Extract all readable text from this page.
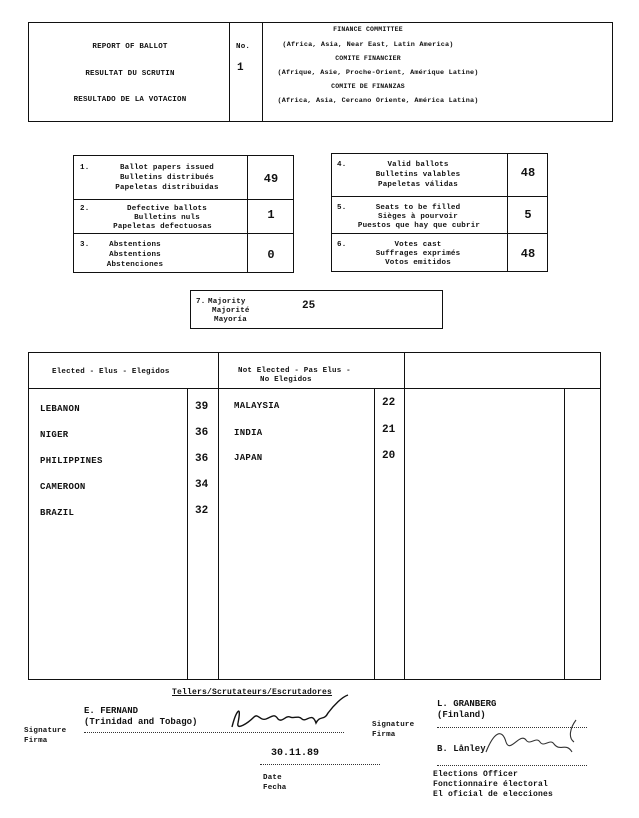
REPORT OF BALLOT
RESULTAT DU SCRUTIN
RESULTADO DE LA VOTACION
No.
1
FINANCE COMMITTEE
(Africa, Asia, Near East, Latin America)
COMITE FINANCIER
(Afrique, Asie, Proche-Orient, Amérique Latine)
COMITE DE FINANZAS
(Africa, Asia, Cercano Oriente, América Latina)
1.	Ballot papers issued
Bulletins distribués
Papeletas distribuidas
49
2.	Defective ballots
Bulletins nuls
Papeletas defectuosas
1
3.	Abstentions
Abstentions
Abstenciones
0
4.	Valid ballots
Bulletins valables
Papeletas válidas
48
5.	Seats to be filled
Sièges à pourvoir
Puestos que hay que cubrir
5
6.	Votes cast
Suffrages exprimés
Votos emitidos
48
7. Majority
Majorité
Mayoría
25
Elected - Elus - Elegidos	Not Elected - Pas Elus -
No Elegidos
LEBANON	39
NIGER	36
PHILIPPINES	36
CAMEROON	34
BRAZIL	32
MALAYSIA	22
INDIA	21
JAPAN	20
Tellers/Scrutateurs/Escrutadores
E. FERNAND
(Trinidad and Tobago)
Signature
Firma
Signature
Firma
L. GRANBERG
(Finland)
B. Lånley
30.11.89
Date
Fecha
Elections Officer
Fonctionnaire électoral
El oficial de elecciones
